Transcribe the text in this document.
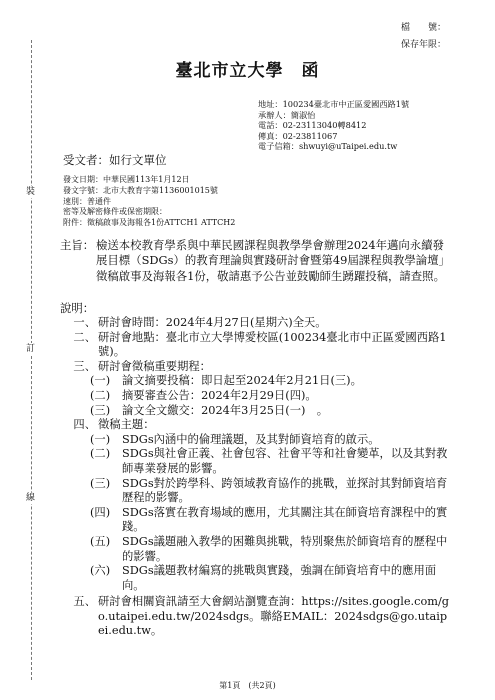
裝
訂
線
檔　　號：
保存年限：
臺北市立大學　函
地址：100234臺北市中正區愛國西路1號
承辦人：簡淑怡
電話：02-23113040轉8412
傳真：02-23811067
電子信箱：shwuyi@uTaipei.edu.tw
受文者：如行文單位
發文日期：中華民國113年1月12日
發文字號：北市大教育字第1136001015號
速別：普通件
密等及解密條件或保密期限：
附件：徵稿啟事及海報各1份ATTCH1 ATTCH2
主旨： 檢送本校教育學系與中華民國課程與教學學會辦理2024年邁向永續發展目標（SDGs）的教育理論與實踐研討會暨第49屆課程與教學論壇」徵稿啟事及海報各1份，敬請惠予公告並鼓勵師生踴躍投稿，請查照。
說明：
一、 研討會時間：2024年4月27日(星期六)全天。
二、 研討會地點：臺北市立大學博愛校區(100234臺北市中正區愛國西路1號)。
三、 研討會徵稿重要期程：
(一)	論文摘要投稿：即日起至2024年2月21日(三)。
(二)	摘要審查公告：2024年2月29日(四)。
(三)	論文全文繳交：2024年3月25日(一)　。
四、 徵稿主題：
(一)	SDGs內涵中的倫理議題，及其對師資培育的啟示。
(二)	SDGs與社會正義、社會包容、社會平等和社會變革，以及其對教師專業發展的影響。
(三)	SDGs對於跨學科、跨領域教育協作的挑戰，並探討其對師資培育歷程的影響。
(四)	SDGs落實在教育場域的應用，尤其關注其在師資培育課程中的實踐。
(五)	SDGs議題融入教學的困難與挑戰，特別聚焦於師資培育的歷程中的影響。
(六)	SDGs議題教材編寫的挑戰與實踐，強調在師資培育中的應用面向。
五、 研討會相關資訊請至大會網站瀏覽查詢：https://sites.google.com/go.utaipei.edu.tw/2024sdgs。聯絡EMAIL：2024sdgs@go.utaipei.edu.tw。
第1頁　(共2頁)
